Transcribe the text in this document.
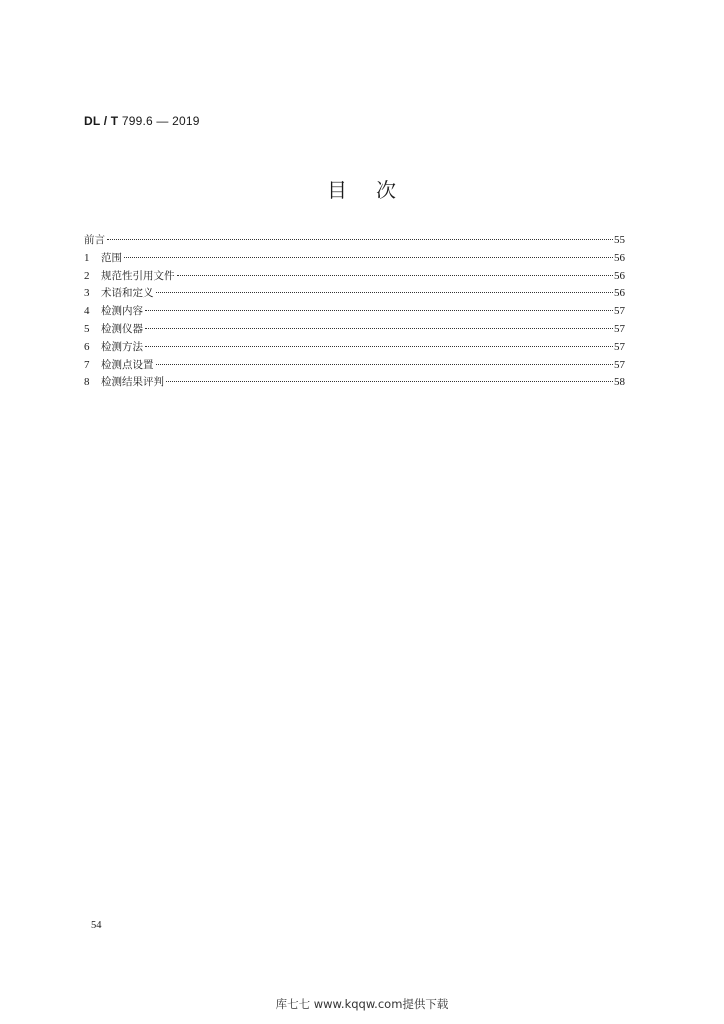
DL / T 799.6 — 2019
目 次
前言	55
1	范围	56
2	规范性引用文件	56
3	术语和定义	56
4	检测内容	57
5	检测仪器	57
6	检测方法	57
7	检测点设置	57
8	检测结果评判	58
54
库七七 www.kqqw.com提供下载
